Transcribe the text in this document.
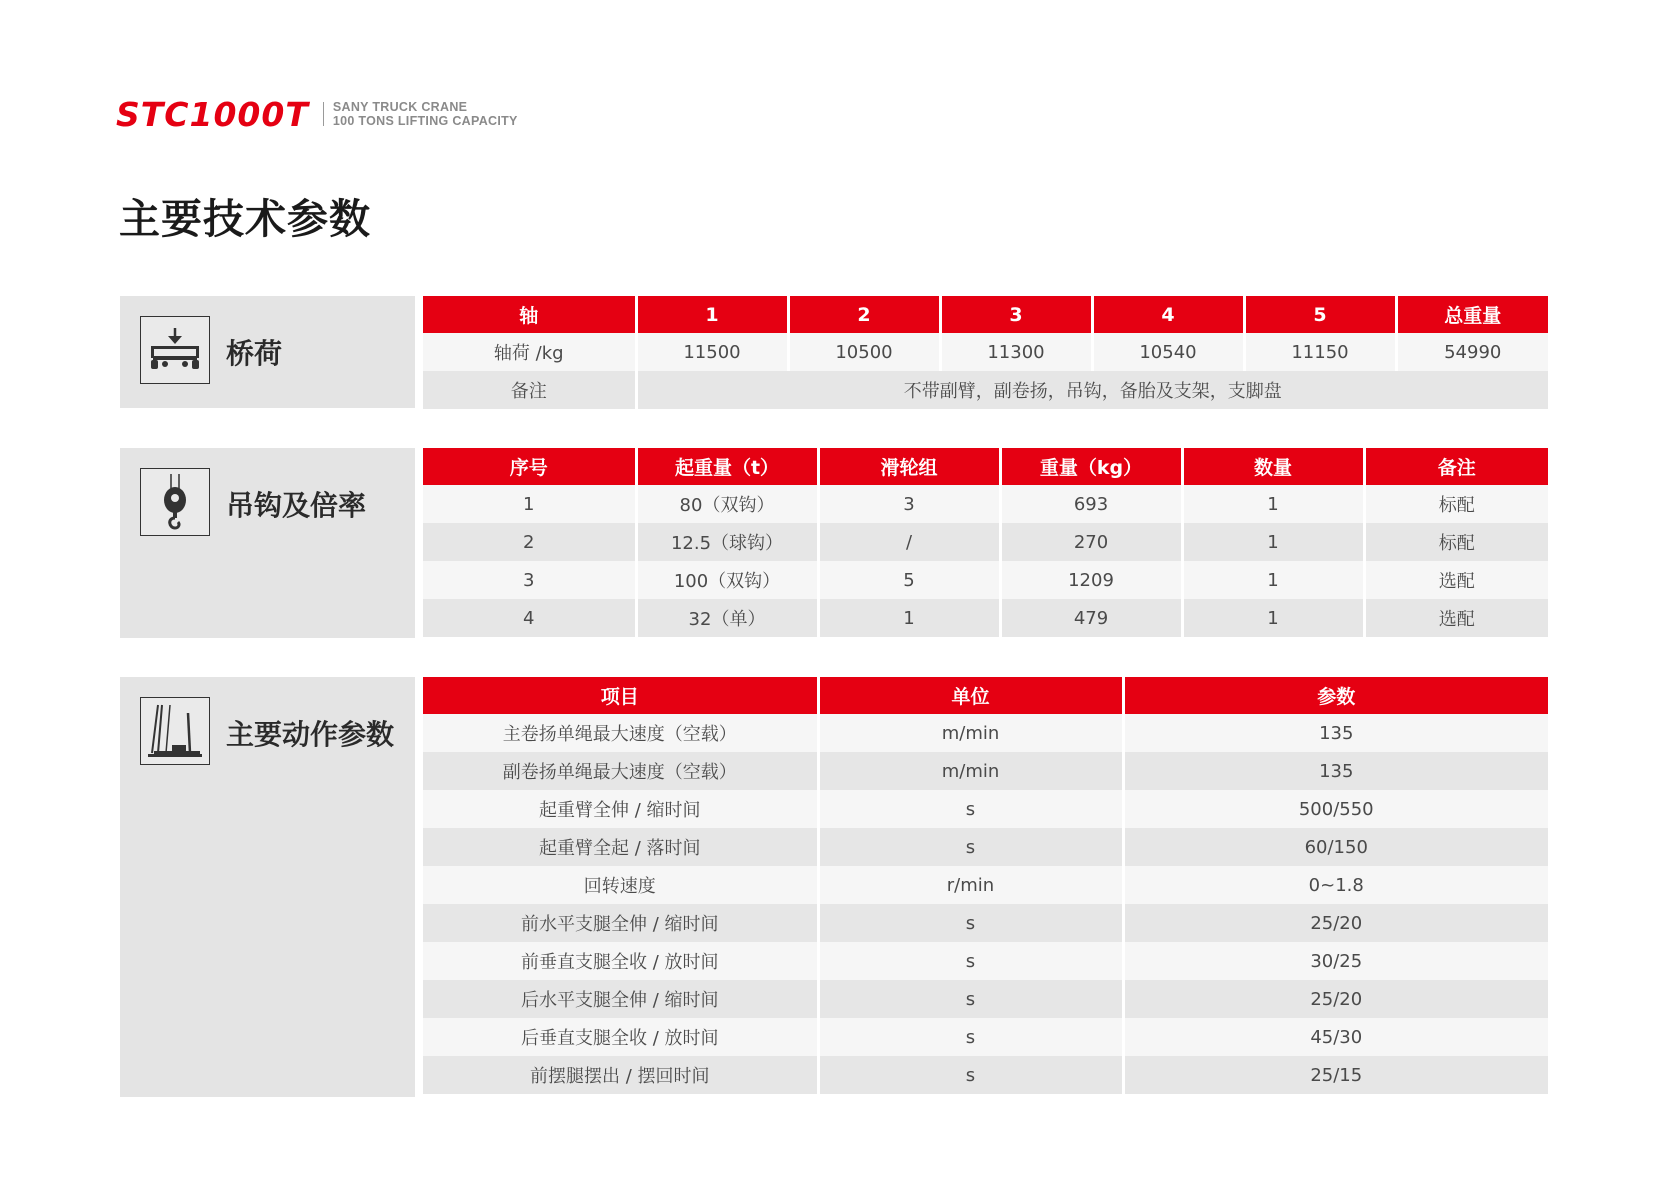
STC1000T SANY TRUCK CRANE
100 TONS LIFTING CAPACITY
主要技术参数
桥荷
轴	1	2	3	4	5	总重量
轴荷 /kg	11500	10500	11300	10540	11150	54990
备注	不带副臂，副卷扬，吊钩，备胎及支架，支脚盘					
吊钩及倍率
序号	起重量（t）	滑轮组	重量（kg）	数量	备注
1	80（双钩）	3	693	1	标配
2	12.5（球钩）	/	270	1	标配
3	100（双钩）	5	1209	1	选配
4	32（单）	1	479	1	选配
主要动作参数
项目	单位	参数
主卷扬单绳最大速度（空载）	m/min	135
副卷扬单绳最大速度（空载）	m/min	135
起重臂全伸 / 缩时间	s	500/550
起重臂全起 / 落时间	s	60/150
回转速度	r/min	0~1.8
前水平支腿全伸 / 缩时间	s	25/20
前垂直支腿全收 / 放时间	s	30/25
后水平支腿全伸 / 缩时间	s	25/20
后垂直支腿全收 / 放时间	s	45/30
前摆腿摆出 / 摆回时间	s	25/15
